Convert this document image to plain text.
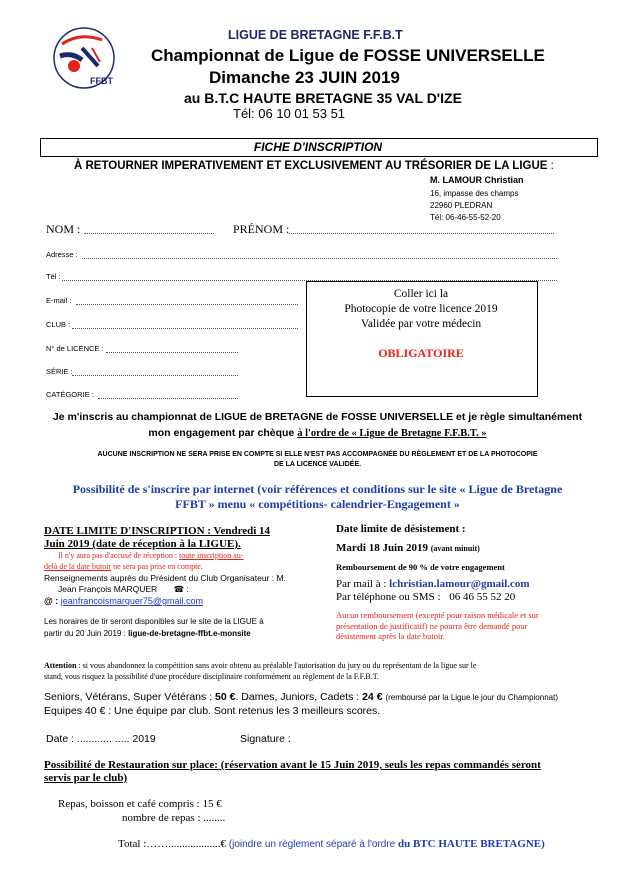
FFBT
LIGUE DE BRETAGNE F.F.B.T
Championnat de Ligue de FOSSE UNIVERSELLE
Dimanche 23 JUIN 2019
au B.T.C HAUTE BRETAGNE 35 VAL D'IZE
Tél: 06 10 01 53 51
FICHE D'INSCRIPTION
À RETOURNER IMPERATIVEMENT ET EXCLUSIVEMENT AU TRÉSORIER DE LA LIGUE :
M. LAMOUR Christian
16, impasse des champs
22960 PLEDRAN
Tél: 06-46-55-52-20
NOM :	PRÉNOM :
Adresse :
Tél :
E-mail :
CLUB :
N° de LICENCE :
SÉRIE :
CATÉGORIE :
Coller ici la
Photocopie de votre licence 2019
Validée par votre médecin
OBLIGATOIRE
Je m'inscris au championnat de LIGUE de BRETAGNE de FOSSE UNIVERSELLE et je règle simultanément
mon engagement par chèque à l'ordre de « Ligue de Bretagne F.F.B.T. »
AUCUNE INSCRIPTION NE SERA PRISE EN COMPTE SI ELLE N'EST PAS ACCOMPAGNÉE DU RÈGLEMENT ET DE LA PHOTOCOPIE
DE LA LICENCE VALIDÉE.
Possibilité de s'inscrire par internet (voir références et conditions sur le site « Ligue de Bretagne
FFBT » menu « compétitions- calendrier-Engagement »
DATE LIMITE D'INSCRIPTION : Vendredi 14
Juin 2019 (date de réception à la LIGUE).
Il n'y aura pas d'accusé de réception : toute inscription au-
delà de la date butoir ne sera pas prise en compte.
Renseignements auprès du Président du Club Organisateur : M.
Jean François MARQUER ☎ :
@ : jeanfrancoismarquer75@gmail.com
Les horaires de tir seront disponibles sur le site de la LIGUE à
partir du 20 Juin 2019 : ligue-de-bretagne-ffbt.e-monsite
Date limite de désistement :
Mardi 18 Juin 2019 (avant minuit)
Remboursement de 90 % de votre engagement
Par mail à : lchristian.lamour@gmail.com
Par téléphone ou SMS : 06 46 55 52 20
Aucun remboursement (excepté pour raison médicale et sur
présentation de justificatif) ne pourra être demandé pour
désistement après la date butoir.
Attention : si vous abandonnez la compétition sans avoir obtenu au préalable l'autorisation du jury ou du représentant de la ligue sur le
stand, vous risquez la possibilité d'une procédure disciplinaire conformément au règlement de la F.F.B.T.
Seniors, Vétérans, Super Vétérans : 50 €. Dames, Juniors, Cadets : 24 € (remboursé par la Ligue le jour du Championnat)
Equipes 40 € : Une équipe par club. Sont retenus les 3 meilleurs scores.
Date : ............ ..... 2019	Signature :
Possibilité de Restauration sur place: (réservation avant le 15 Juin 2019, seuls les repas commandés seront
servis par le club)
Repas, boisson et café compris : 15 €
nombre de repas : ........
Total :……...................€ (joindre un règlement séparé à l'ordre du BTC HAUTE BRETAGNE)
